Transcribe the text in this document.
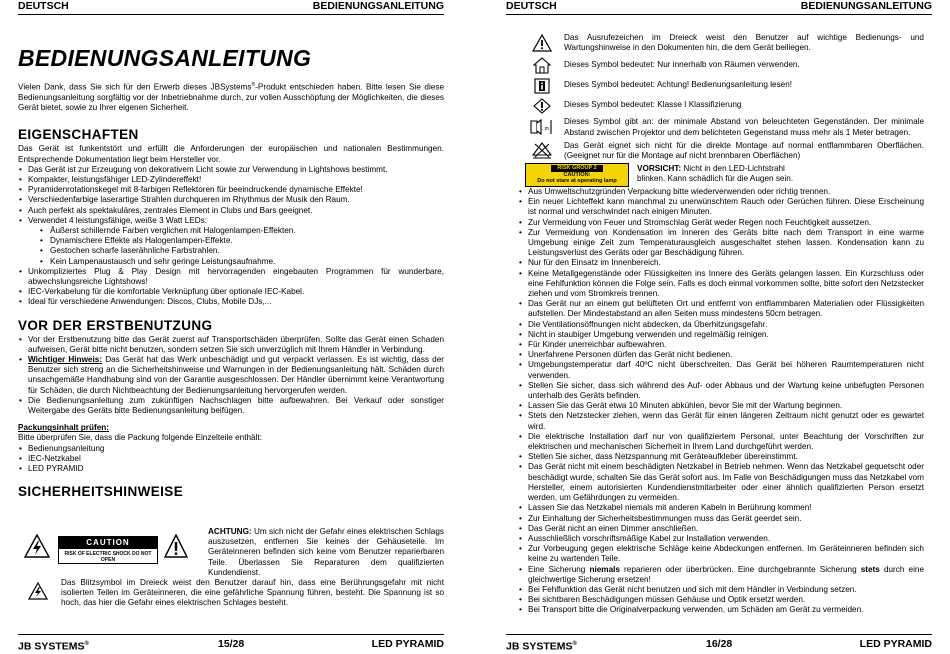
DEUTSCH	BEDIENUNGSANLEITUNG
BEDIENUNGSANLEITUNG

Vielen Dank, dass Sie sich für den Erwerb dieses JBSystems®-Produkt entschieden haben. Bitte lesen Sie diese Bedienungsanleitung sorgfältig vor der Inbetriebnahme durch, zur vollen Ausschöpfung der Möglichkeiten, die dieses Gerät bietet, sowie zu Ihrer eigenen Sicherheit.

EIGENSCHAFTEN

Das Gerät ist funkentstört und erfüllt die Anforderungen der europäischen und nationalen Bestimmungen. Entsprechende Dokumentation liegt beim Hersteller vor.

• Das Gerät ist zur Erzeugung von dekorativem Licht sowie zur Verwendung in Lightshows bestimmt.
• Kompakter, leistungsfähiger LED-Zylindereffekt!
• Pyramidenrotationskegel mit 8-farbigen Reflektoren für beeindruckende dynamische Effekte!
• Verschiedenfarbige laserartige Strahlen durchqueren im Rhythmus der Musik den Raum.
• Auch perfekt als spektakuläres, zentrales Element in Clubs und Bars geeignet.
• Verwendet 4 leistungsfähige, weiße 3 Watt LEDs:
• Äußerst schillernde Farben verglichen mit Halogenlampen-Effekten.
• Dynamischere Effekte als Halogenlampen-Effekte.
• Gestochen scharfe laserähnliche Farbstrahlen.
• Kein Lampenaustausch und sehr geringe Leistungsaufnahme.
• Unkompliziertes Plug & Play Design mit hervorragenden eingebauten Programmen für wunderbare, abwechslungsreiche Lightshows!
• IEC-Verkabelung für die komfortable Verknüpfung über optionale IEC-Kabel.
• Ideal für verschiedene Anwendungen: Discos, Clubs, Mobile DJs,...
VOR DER ERSTBENUTZUNG
• Vor der Erstbenutzung bitte das Gerät zuerst auf Transportschäden überprüfen. Sollte das Gerät einen Schaden aufweisen, Gerät bitte nicht benutzen, sondern setzen Sie sich unverzüglich mit Ihrem Händler in Verbindung.
• Wichtiger Hinweis: Das Gerät hat das Werk unbeschädigt und gut verpackt verlassen. Es ist wichtig, dass der Benutzer sich streng an die Sicherheitshinweise und Warnungen in der Bedienungsanleitung hält. Schäden durch unsachgemäße Handhabung sind von der Garantie ausgeschlossen. Der Händler übernimmt keine Verantwortung für Schäden, die durch Nichtbeachtung der Bedienungsanleitung hervorgerufen werden.
• Die Bedienungsanleitung zum zukünftigen Nachschlagen bitte aufbewahren. Bei Verkauf oder sonstiger Weitergabe des Geräts bitte Bedienungsanleitung beifügen.

Packungsinhalt prüfen:

Bitte überprüfen Sie, dass die Packung folgende Einzelteile enthält:

• Bedienungsanleitung
• IEC-Netzkabel
• LED PYRAMID
SICHERHEITSHINWEISE
CAUTION
RISK OF ELECTRIC SHOCK DO NOT OPEN

ACHTUNG: Um sich nicht der Gefahr eines elektrischen Schlags auszusetzen, entfernen Sie keines der Gehäuseteile. Im Geräteinneren befinden sich keine vom Benutzer reparierbaren Teile. Überlassen Sie Reparaturen dem qualifizierten Kundendienst.

Das Blitzsymbol im Dreieck weist den Benutzer darauf hin, dass eine Berührungsgefahr mit nicht isolierten Teilen im Geräteinneren, die eine gefährliche Spannung führen, besteht. Die Spannung ist so hoch, das hier die Gefahr eines elektrischen Schlages besteht.

JB SYSTEMS®	15/28	LED PYRAMID
DEUTSCH	BEDIENUNGSANLEITUNG

Das Ausrufezeichen im Dreieck weist den Benutzer auf wichtige Bedienungs- und Wartungshinweise in den Dokumenten hin, die dem Gerät beiliegen.

Dieses Symbol bedeutet: Nur innerhalb von Räumen verwenden.

Dieses Symbol bedeutet: Achtung! Bedienungsanleitung lesen!

Dieses Symbol bedeutet: Klasse I Klassifizierung

..m

Dieses Symbol gibt an: der minimale Abstand von beleuchteten Gegenständen. Der minimale Abstand zwischen Projektor und dem belichteten Gegenstand muss mehr als 1 Meter betragen.

Das Gerät eignet sich nicht für die direkte Montage auf normal entflammbaren Oberflächen. (Geeignet nur für die Montage auf nicht brennbaren Oberflächen)

RISK GROUP 2
CAUTION:
Do not stare at operating lamp

VORSICHT: Nicht in den LED-Lichtstrahl blinken. Kann schädlich für die Augen sein.

• Aus Umweltschutzgründen Verpackung bitte wiederverwenden oder richtig trennen.
• Ein neuer Lichteffekt kann manchmal zu unerwünschtem Rauch oder Gerüchen führen. Diese Erscheinung ist normal und verschwindet nach einigen Minuten.
• Zur Vermeidung von Feuer und Stromschlag Gerät weder Regen noch Feuchtigkeit aussetzen.
• Zur Vermeidung von Kondensation im Inneren des Geräts bitte nach dem Transport in eine warme Umgebung einige Zeit zum Temperaturausgleich ausgeschaltet stehen lassen. Kondensation kann zu Leistungsverlust des Geräts oder gar Beschädigung führen.
• Nur für den Einsatz im Innenbereich.
• Keine Metallgegenstände oder Flüssigkeiten ins Innere des Geräts gelangen lassen. Ein Kurzschluss oder eine Fehlfunktion können die Folge sein. Falls es doch einmal vorkommen sollte, bitte sofort den Netzstecker ziehen und vom Stromkreis trennen.
• Das Gerät nur an einem gut belüfteten Ort und entfernt von entflammbaren Materialien oder Flüssigkeiten aufstellen. Der Mindestabstand an allen Seiten muss mindestens 50cm betragen.
• Die Ventilationsöffnungen nicht abdecken, da Überhitzungsgefahr.
• Nicht in staubiger Umgebung verwenden und regelmäßig reinigen.
• Für Kinder unerreichbar aufbewahren.
• Unerfahrene Personen dürfen das Gerät nicht bedienen.
• Umgebungstemperatur darf 40ºC nicht überschreiten. Das Gerät bei höheren Raumtemperaturen nicht verwenden.
• Stellen Sie sicher, dass sich während des Auf- oder Abbaus und der Wartung keine unbefugten Personen unterhalb des Geräts befinden.
• Lassen Sie das Gerät etwa 10 Minuten abkühlen, bevor Sie mit der Wartung beginnen.
• Stets den Netzstecker ziehen, wenn das Gerät für einen längeren Zeitraum nicht genutzt oder es gewartet wird.
• Die elektrische Installation darf nur von qualifiziertem Personal, unter Beachtung der Vorschriften zur elektrischen und mechanischen Sicherheit in Ihrem Land durchgeführt werden.
• Stellen Sie sicher, dass Netzspannung mit Geräteaufkleber übereinstimmt.
• Das Gerät nicht mit einem beschädigten Netzkabel in Betrieb nehmen. Wenn das Netzkabel gequetscht oder beschädigt wurde, schalten Sie das Gerät sofort aus. Im Falle von Beschädigungen muss das Netzkabel vom Hersteller, einem autorisierten Kundendienstmitarbeiter oder einer ähnlich qualifizierten Person ersetzt werden, um Gefährdungen zu vermeiden.
• Lassen Sie das Netzkabel niemals mit anderen Kabeln in Berührung kommen!
• Zur Einhaltung der Sicherheitsbestimmungen muss das Gerät geerdet sein.
• Das Gerät nicht an einen Dimmer anschließen.
• Ausschließlich vorschriftsmäßige Kabel zur Installation verwenden.
• Zur Vorbeugung gegen elektrische Schläge keine Abdeckungen entfernen. Im Geräteinneren befinden sich keine zu wartenden Teile.
• Eine Sicherung niemals reparieren oder überbrücken. Eine durchgebrannte Sicherung stets durch eine gleichwertige Sicherung ersetzen!
• Bei Fehlfunktion das Gerät nicht benutzen und sich mit dem Händler in Verbindung setzen.
• Bei sichtbaren Beschädigungen müssen Gehäuse und Optik ersetzt werden.
• Bei Transport bitte die Originalverpackung verwenden, um Schäden am Gerät zu vermeiden.
JB SYSTEMS®	16/28	LED PYRAMID
